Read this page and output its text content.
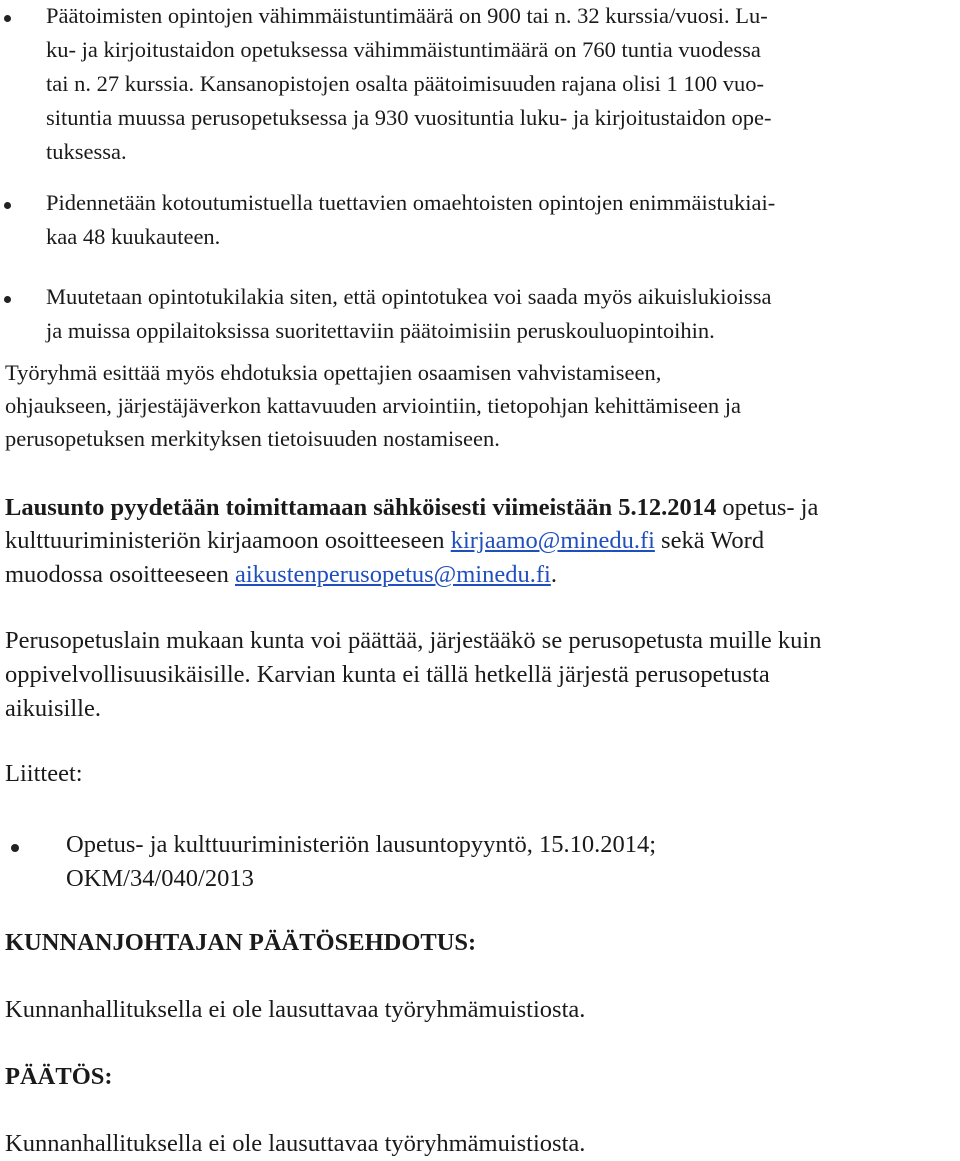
Päätoimisten opintojen vähimmäistuntimäärä on 900 tai n. 32 kurssia/vuosi. Lu-
ku- ja kirjoitustaidon opetuksessa vähimmäistuntimäärä on 760 tuntia vuodessa
tai n. 27 kurssia. Kansanopistojen osalta päätoimisuuden rajana olisi 1 100 vuo-
situntia muussa perusopetuksessa ja 930 vuosituntia luku- ja kirjoitustaidon ope-
tuksessa.
Pidennetään kotoutumistuella tuettavien omaehtoisten opintojen enimmäistukiai-
kaa 48 kuukauteen.
Muutetaan opintotukilakia siten, että opintotukea voi saada myös aikuislukioissa
ja muissa oppilaitoksissa suoritettaviin päätoimisiin peruskouluopintoihin.
Työryhmä esittää myös ehdotuksia opettajien osaamisen vahvistamiseen,
ohjaukseen, järjestäjäverkon kattavuuden arviointiin, tietopohjan kehittämiseen ja
perusopetuksen merkityksen tietoisuuden nostamiseen.
Lausunto pyydetään toimittamaan sähköisesti viimeistään 5.12.2014 opetus- ja
kulttuuriministeriön kirjaamoon osoitteeseen kirjaamo@minedu.fi sekä Word
muodossa osoitteeseen aikustenperusopetus@minedu.fi.
Perusopetuslain mukaan kunta voi päättää, järjestääkö se perusopetusta muille kuin
oppivelvollisuusikäisille. Karvian kunta ei tällä hetkellä järjestä perusopetusta
aikuisille.
Liitteet:
Opetus- ja kulttuuriministeriön lausuntopyyntö, 15.10.2014;
OKM/34/040/2013
KUNNANJOHTAJAN PÄÄTÖSEHDOTUS:
Kunnanhallituksella ei ole lausuttavaa työryhmämuistiosta.
PÄÄTÖS:
Kunnanhallituksella ei ole lausuttavaa työryhmämuistiosta.
